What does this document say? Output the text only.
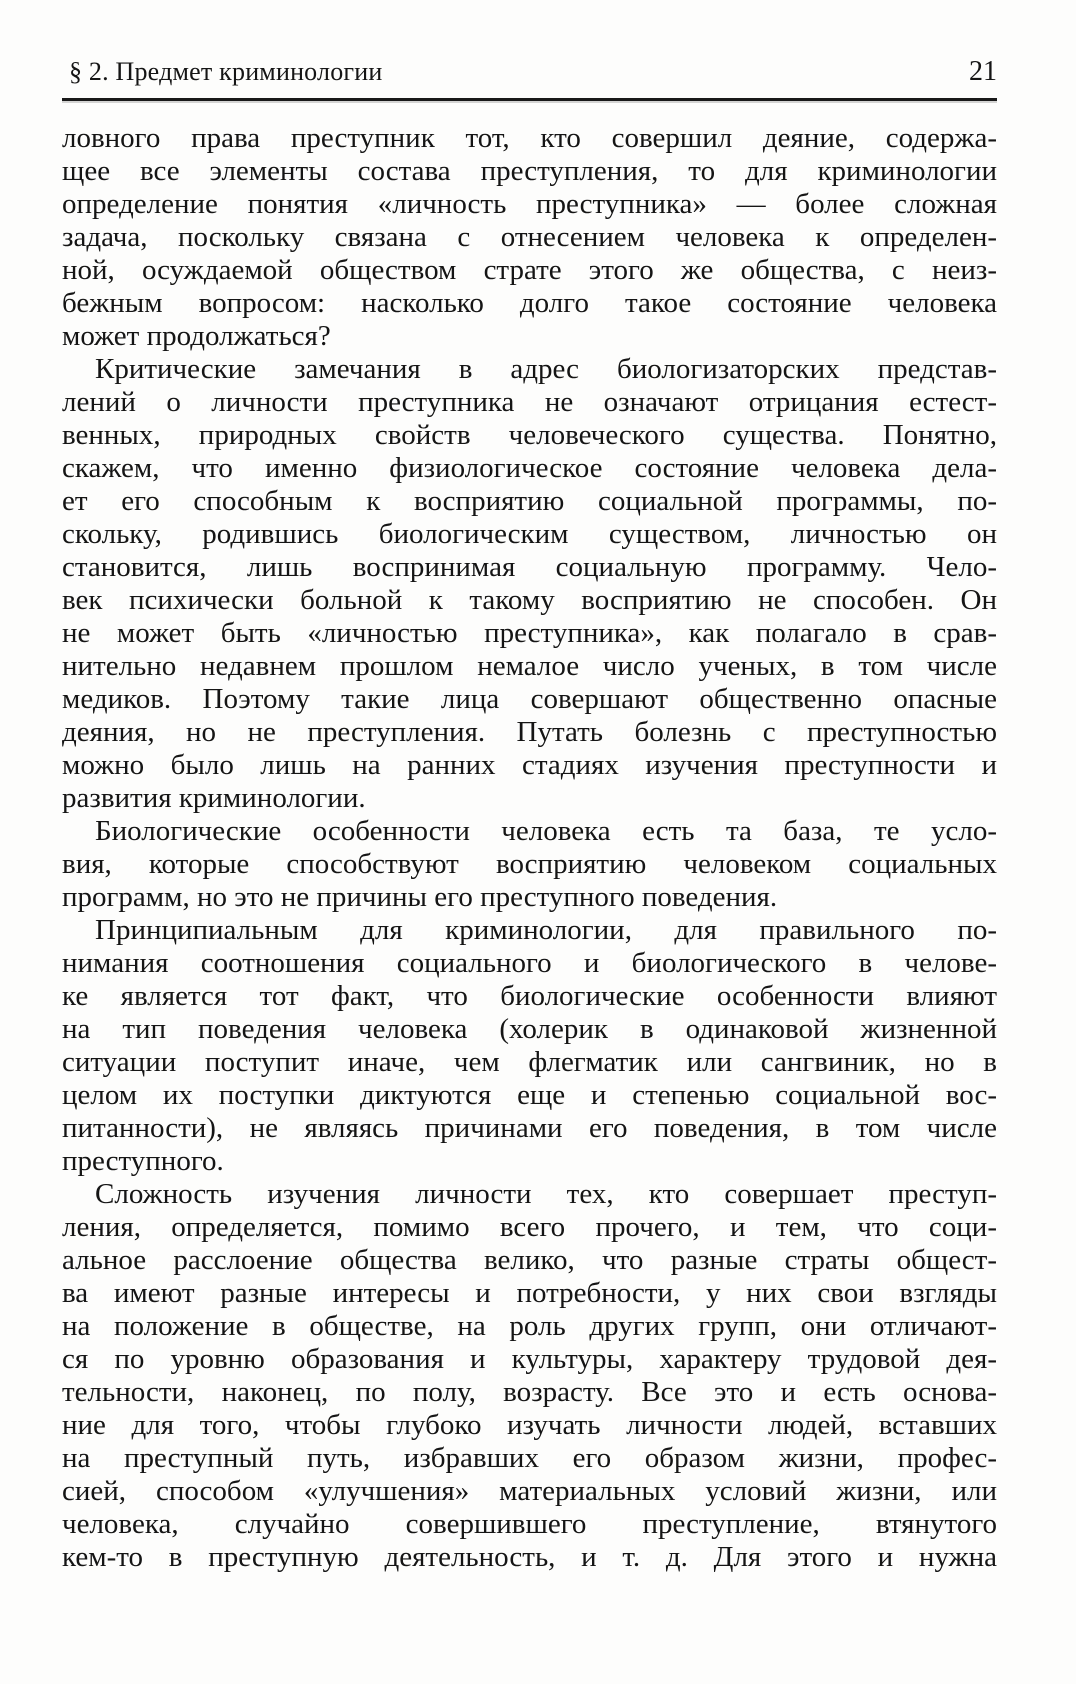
§ 2. Предмет криминологии	21
ловного права преступник тот, кто совершил деяние, содержа-
щее все элементы состава преступления, то для криминологии
определение понятия «личность преступника» — более сложная
задача, поскольку связана с отнесением человека к определен-
ной, осуждаемой обществом страте этого же общества, с неиз-
бежным вопросом: насколько долго такое состояние человека
может продолжаться?
Критические замечания в адрес биологизаторских представ-
лений о личности преступника не означают отрицания естест-
венных, природных свойств человеческого существа. Понятно,
скажем, что именно физиологическое состояние человека дела-
ет его способным к восприятию социальной программы, по-
скольку, родившись биологическим существом, личностью он
становится, лишь воспринимая социальную программу. Чело-
век психически больной к такому восприятию не способен. Он
не может быть «личностью преступника», как полагало в срав-
нительно недавнем прошлом немалое число ученых, в том числе
медиков. Поэтому такие лица совершают общественно опасные
деяния, но не преступления. Путать болезнь с преступностью
можно было лишь на ранних стадиях изучения преступности и
развития криминологии.
Биологические особенности человека есть та база, те усло-
вия, которые способствуют восприятию человеком социальных
программ, но это не причины его преступного поведения.
Принципиальным для криминологии, для правильного по-
нимания соотношения социального и биологического в челове-
ке является тот факт, что биологические особенности влияют
на тип поведения человека (холерик в одинаковой жизненной
ситуации поступит иначе, чем флегматик или сангвиник, но в
целом их поступки диктуются еще и степенью социальной вос-
питанности), не являясь причинами его поведения, в том числе
преступного.
Сложность изучения личности тех, кто совершает преступ-
ления, определяется, помимо всего прочего, и тем, что соци-
альное расслоение общества велико, что разные страты общест-
ва имеют разные интересы и потребности, у них свои взгляды
на положение в обществе, на роль других групп, они отличают-
ся по уровню образования и культуры, характеру трудовой дея-
тельности, наконец, по полу, возрасту. Все это и есть основа-
ние для того, чтобы глубоко изучать личности людей, вставших
на преступный путь, избравших его образом жизни, профес-
сией, способом «улучшения» материальных условий жизни, или
человека, случайно совершившего преступление, втянутого
кем-то в преступную деятельность, и т. д. Для этого и нужна
